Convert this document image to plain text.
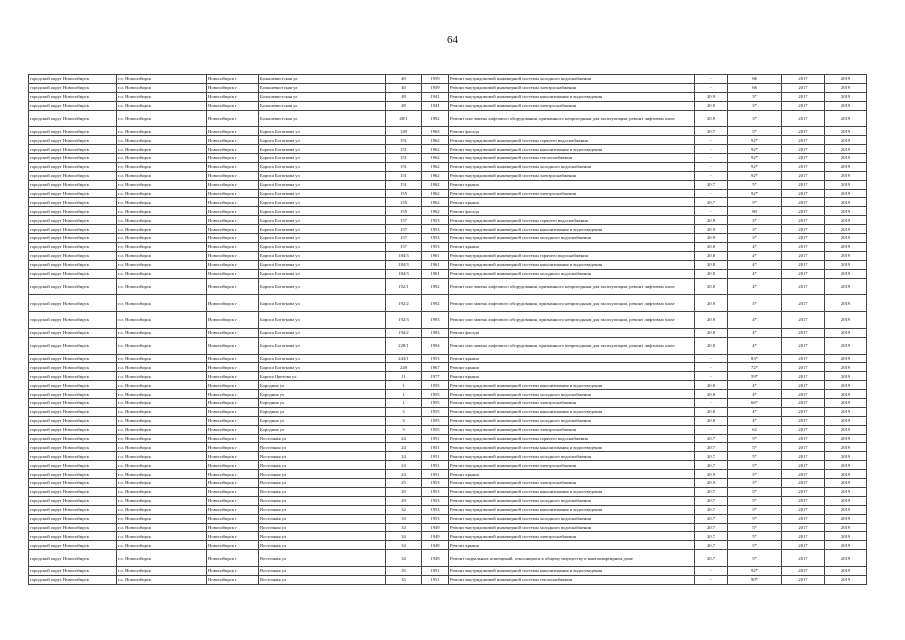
64
городской округ Новосибирск	г.о. Новосибирск	Новосибирск г	Большевистская ул	40	1959	Ремонт внутридомовой инженерной системы холодного водоснабжения	-	6$	2017	2019
городской округ Новосибирск	г.о. Новосибирск	Новосибирск г	Большевистская ул	40	1959	Ремонт внутридомовой инженерной системы электроснабжения	-	6$	2017	2019
городской округ Новосибирск	г.о. Новосибирск	Новосибирск г	Большевистская ул	48	1941	Ремонт внутридомовой инженерной системы канализования и водоотведения	20.9	3*	2017	2019
городской округ Новосибирск	г.о. Новосибирск	Новосибирск г	Большевистская ул	48	1941	Ремонт внутридомовой инженерной системы электроснабжения	20.9	3*	2017	2019
городской округ Новосибирск	г.о. Новосибирск	Новосибирск г	Большевистская ул	48/1	1992	Ремонт или замена лифтового оборудования, признанного непригодным для эксплуатации, ремонт лифтовых шахт	20.9	3*	2017	2019
городской округ Новосибирск	г.о. Новосибирск	Новосибирск г	Бориса Богаткова ул	149	1963	Ремонт фасада	20.7	5*	2017	2019
городской округ Новосибирск	г.о. Новосибирск	Новосибирск г	Бориса Богаткова ул	151	1962	Ремонт внутридомовой инженерной системы горячего водоснабжения	-	92*	2017	2019
городской округ Новосибирск	г.о. Новосибирск	Новосибирск г	Бориса Богаткова ул	151	1962	Ремонт внутридомовой инженерной системы канализования и водоотведения	-	92*	2017	2019
городской округ Новосибирск	г.о. Новосибирск	Новосибирск г	Бориса Богаткова ул	151	1962	Ремонт внутридомовой инженерной системы теплоснабжения	-	92*	2017	2019
городской округ Новосибирск	г.о. Новосибирск	Новосибирск г	Бориса Богаткова ул	151	1962	Ремонт внутридомовой инженерной системы холодного водоснабжения	-	92*	2017	2019
городской округ Новосибирск	г.о. Новосибирск	Новосибирск г	Бориса Богаткова ул	151	1962	Ремонт внутридомовой инженерной системы электроснабжения	-	92*	2017	2019
городской округ Новосибирск	г.о. Новосибирск	Новосибирск г	Бориса Богаткова ул	151	1962	Ремонт крыши	20.7	5*	2017	2019
городской округ Новосибирск	г.о. Новосибирск	Новосибирск г	Бориса Богаткова ул	155	1962	Ремонт внутридомовой инженерной системы электроснабжения	-	92*	2017	2019
городской округ Новосибирск	г.о. Новосибирск	Новосибирск г	Бориса Богаткова ул	155	1962	Ремонт крыши	20.7	5*	2017	2019
городской округ Новосибирск	г.о. Новосибирск	Новосибирск г	Бориса Богаткова ул	155	1962	Ремонт фасада	-	80	2017	2019
городской округ Новосибирск	г.о. Новосибирск	Новосибирск г	Бориса Богаткова ул	157	1953	Ремонт внутридомовой инженерной системы горячего водоснабжения	20.9	3*	2017	2019
городской округ Новосибирск	г.о. Новосибирск	Новосибирск г	Бориса Богаткова ул	157	1953	Ремонт внутридомовой инженерной системы канализования и водоотведения	20.9	3*	2017	2019
городской округ Новосибирск	г.о. Новосибирск	Новосибирск г	Бориса Богаткова ул	157	1953	Ремонт внутридомовой инженерной системы холодного водоснабжения	20.9	3*	2017	2019
городской округ Новосибирск	г.о. Новосибирск	Новосибирск г	Бориса Богаткова ул	157	1953	Ремонт крыши	20.8	4*	2017	2019
городской округ Новосибирск	г.о. Новосибирск	Новосибирск г	Бориса Богаткова ул	184/3	1961	Ремонт внутридомовой инженерной системы горячего водоснабжения	20.8	4*	2017	2019
городской округ Новосибирск	г.о. Новосибирск	Новосибирск г	Бориса Богаткова ул	184/3	1961	Ремонт внутридомовой инженерной системы канализования и водоотведения	20.8	4*	2017	2019
городской округ Новосибирск	г.о. Новосибирск	Новосибирск г	Бориса Богаткова ул	184/3	1961	Ремонт внутридомовой инженерной системы холодного водоснабжения	20.8	4*	2017	2019
городской округ Новосибирск	г.о. Новосибирск	Новосибирск г	Бориса Богаткова ул	192/1	1992	Ремонт или замена лифтового оборудования, признанного непригодным для эксплуатации, ремонт лифтовых шахт	20.8	4*	2017	2019
городской округ Новосибирск	г.о. Новосибирск	Новосибирск г	Бориса Богаткова ул	192/2	1992	Ремонт или замена лифтового оборудования, признанного непригодным для эксплуатации, ремонт лифтовых шахт	20.9	3*	2017	2019
городской округ Новосибирск	г.о. Новосибирск	Новосибирск г	Бориса Богаткова ул	192/3	1993	Ремонт или замена лифтового оборудования, признанного непригодным для эксплуатации, ремонт лифтовых шахт	20.9	4*	2017	2019
городской округ Новосибирск	г.о. Новосибирск	Новосибирск г	Бориса Богаткова ул	194/2	1983	Ремонт фасада	20.8	4*	2017	2019
городской округ Новосибирск	г.о. Новосибирск	Новосибирск г	Бориса Богаткова ул	228/1	1994	Ремонт или замена лифтового оборудования, признанного непригодным для эксплуатации, ремонт лифтовых шахт	20.8	4*	2017	2019
городской округ Новосибирск	г.о. Новосибирск	Новосибирск г	Бориса Богаткова ул	243/1	1953	Ремонт крыши	-	83*	2017	2019
городской округ Новосибирск	г.о. Новосибирск	Новосибирск г	Бориса Богаткова ул	249	1967	Ремонт крыши	-	72*	2017	2019
городской округ Новосибирск	г.о. Новосибирск	Новосибирск г	Бориса Цветова ул	11	1977	Ремонт крыши	-	59*	2017	2019
городской округ Новосибирск	г.о. Новосибирск	Новосибирск г	Бородина ул	1	1955	Ремонт внутридомовой инженерной системы канализования и водоотведения	20.8	4*	2017	2019
городской округ Новосибирск	г.о. Новосибирск	Новосибирск г	Бородина ул	1	1955	Ремонт внутридомовой инженерной системы холодного водоснабжения	20.8	4*	2017	2019
городской округ Новосибирск	г.о. Новосибирск	Новосибирск г	Бородина ул	1	1955	Ремонт внутридомовой инженерной системы электроснабжения	-	66*	2017	2019
городской округ Новосибирск	г.о. Новосибирск	Новосибирск г	Бородина ул	3	1955	Ремонт внутридомовой инженерной системы канализования и водоотведения	20.8	4*	2017	2019
городской округ Новосибирск	г.о. Новосибирск	Новосибирск г	Бородина ул	3	1955	Ремонт внутридомовой инженерной системы холодного водоснабжения	20.8	4*	2017	2019
городской округ Новосибирск	г.о. Новосибирск	Новосибирск г	Бородина ул	3	1955	Ремонт внутридомовой инженерной системы электроснабжения	-	62	2017	2019
городской округ Новосибирск	г.о. Новосибирск	Новосибирск г	Восточная ул	24	1951	Ремонт внутридомовой инженерной системы горячего водоснабжения	20.7	5*	2017	2019
городской округ Новосибирск	г.о. Новосибирск	Новосибирск г	Восточная ул	24	1951	Ремонт внутридомовой инженерной системы канализования и водоотведения	20.7	5*	2017	2019
городской округ Новосибирск	г.о. Новосибирск	Новосибирск г	Восточная ул	24	1951	Ремонт внутридомовой инженерной системы холодного водоснабжения	20.7	5*	2017	2019
городской округ Новосибирск	г.о. Новосибирск	Новосибирск г	Восточная ул	24	1951	Ремонт внутридомовой инженерной системы электроснабжения	20.7	5*	2017	2019
городской округ Новосибирск	г.о. Новосибирск	Новосибирск г	Восточная ул	24	1951	Ремонт крыши	20.9	3*	2017	2019
городской округ Новосибирск	г.о. Новосибирск	Новосибирск г	Восточная ул	25	1953	Ремонт внутридомовой инженерной системы электроснабжения	20.9	3*	2017	2019
городской округ Новосибирск	г.о. Новосибирск	Новосибирск г	Восточная ул	29	1953	Ремонт внутридомовой инженерной системы канализования и водоотведения	20.7	5*	2017	2019
городской округ Новосибирск	г.о. Новосибирск	Новосибирск г	Восточная ул	29	1953	Ремонт внутридомовой инженерной системы холодного водоснабжения	20.7	5*	2017	2019
городской округ Новосибирск	г.о. Новосибирск	Новосибирск г	Восточная ул	32	1953	Ремонт внутридомовой инженерной системы канализования и водоотведения	20.7	5*	2017	2019
городской округ Новосибирск	г.о. Новосибирск	Новосибирск г	Восточная ул	33	1953	Ремонт внутридомовой инженерной системы холодного водоснабжения	20.7	5*	2017	2019
городской округ Новосибирск	г.о. Новосибирск	Новосибирск г	Восточная ул	34	1949	Ремонт внутридомовой инженерной системы холодного водоснабжения	20.7	5*	2017	2019
городской округ Новосибирск	г.о. Новосибирск	Новосибирск г	Восточная ул	34	1949	Ремонт внутридомовой инженерной системы электроснабжения	20.7	5*	2017	2019
городской округ Новосибирск	г.о. Новосибирск	Новосибирск г	Восточная ул	34	1949	Ремонт крыши	20.7	5*	2017	2019
городской округ Новосибирск	г.о. Новосибирск	Новосибирск г	Восточная ул	34	1949	Ремонт подвальных помещений, относящихся к общему имуществу в многоквартирном доме	20.7	5*	2017	2019
городской округ Новосибирск	г.о. Новосибирск	Новосибирск г	Восточная ул	35	1951	Ремонт внутридомовой инженерной системы канализования и водоотведения	-	92*	2017	2019
городской округ Новосибирск	г.о. Новосибирск	Новосибирск г	Восточная ул	35	1951	Ремонт внутридомовой инженерной системы теплоснабжения	-	90*	2017	2019
